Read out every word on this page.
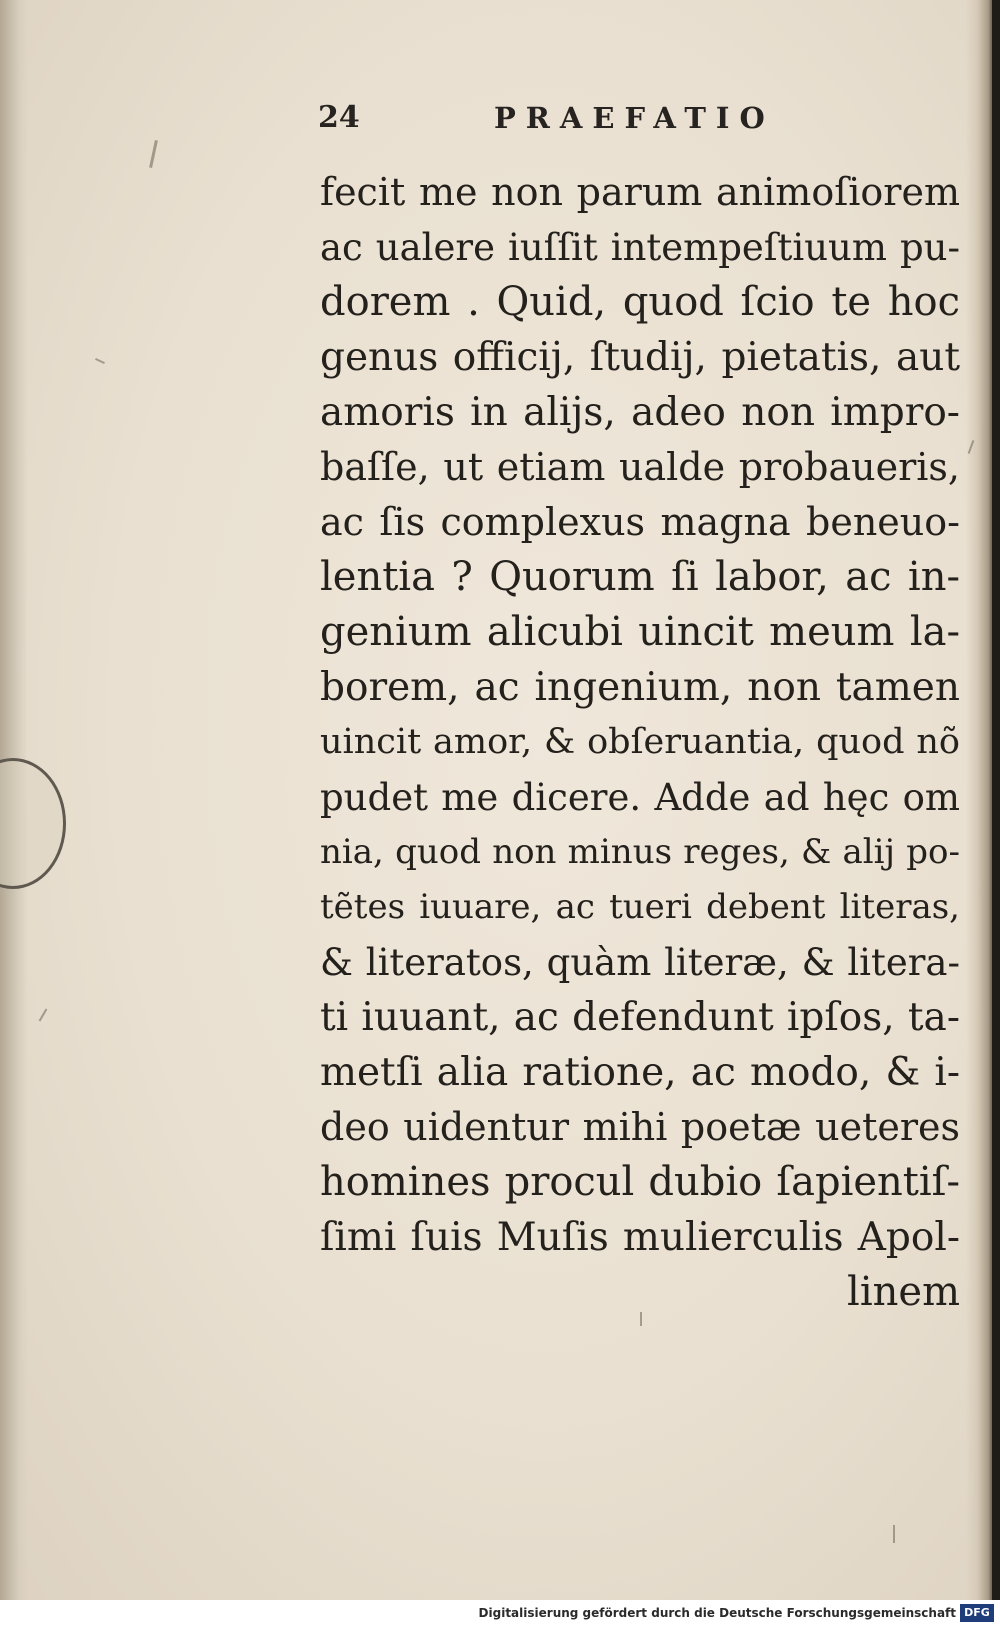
24	PRAEFATIO

fecit me non parum animoſiorem
ac ualere iuſſit intempeſtiuum pu-
dorem . Quid, quod ſcio te hoc
genus officij, ſtudij, pietatis, aut
amoris in alijs, adeo non impro-
baſſe, ut etiam ualde probaueris,
ac ſis complexus magna beneuo-
lentia ? Quorum ſi labor, ac in-
genium alicubi uincit meum la-
borem, ac ingenium, non tamen
uincit amor, & obſeruantia, quod nõ
pudet me dicere. Adde ad hęc om
nia, quod non minus reges, & alij po-
tẽtes iuuare, ac tueri debent literas,
& literatos, quàm literæ, & litera-
ti iuuant, ac defendunt ipſos, ta-
metſi alia ratione, ac modo, & i-
deo uidentur mihi poetæ ueteres
homines procul dubio ſapientiſ-
ſimi ſuis Muſis mulierculis Apol-
linem
Digitalisierung gefördert durch die Deutsche Forschungsgemeinschaft DFG
